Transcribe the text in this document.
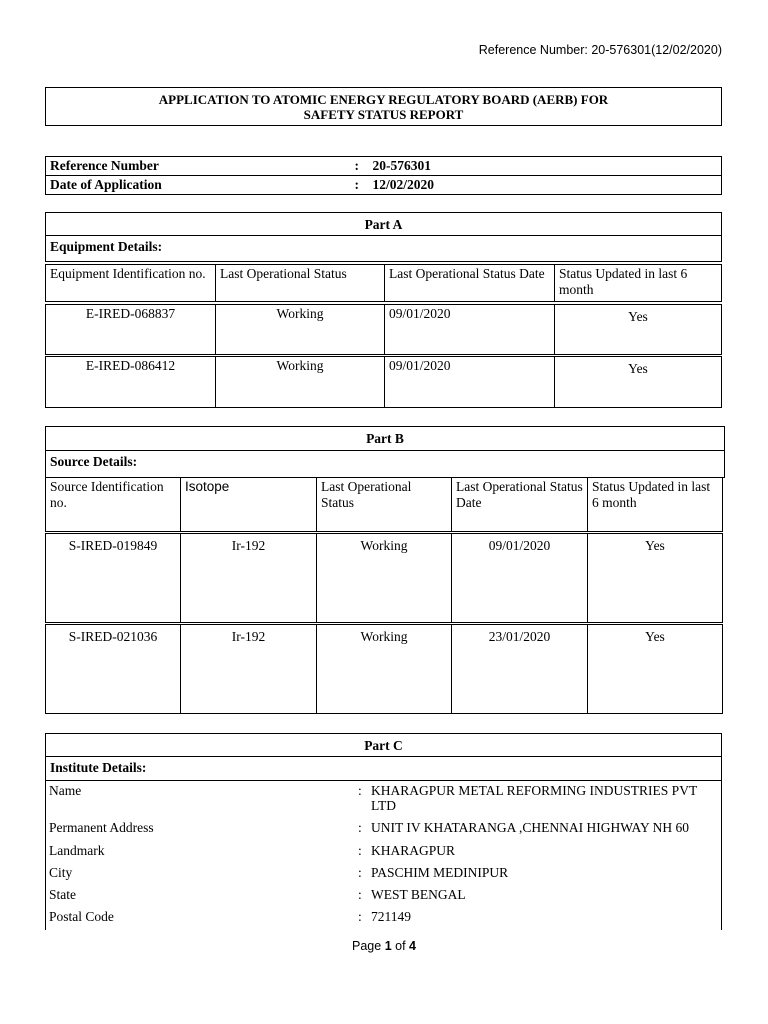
Reference Number: 20-576301(12/02/2020)
APPLICATION TO ATOMIC ENERGY REGULATORY BOARD (AERB) FOR
SAFETY STATUS REPORT
Reference Number	:	20-576301
Date of Application	:	12/02/2020
Part A
Equipment Details:
Equipment Identification no.	Last Operational Status	Last Operational Status Date	Status Updated in last 6 month
E-IRED-068837	Working	09/01/2020	Yes
E-IRED-086412	Working	09/01/2020	Yes
Part B
Source Details:
Source Identification no.	Isotope	Last Operational Status	Last Operational Status Date	Status Updated in last 6 month
S-IRED-019849	Ir-192	Working	09/01/2020	Yes
S-IRED-021036	Ir-192	Working	23/01/2020	Yes
Part C
Institute Details:
Name	: KHARAGPUR METAL REFORMING INDUSTRIES PVT LTD
Permanent Address	: UNIT IV KHATARANGA ,CHENNAI HIGHWAY NH 60
Landmark	: KHARAGPUR
City	: PASCHIM MEDINIPUR
State	: WEST BENGAL
Postal Code	: 721149
Page 1 of 4
